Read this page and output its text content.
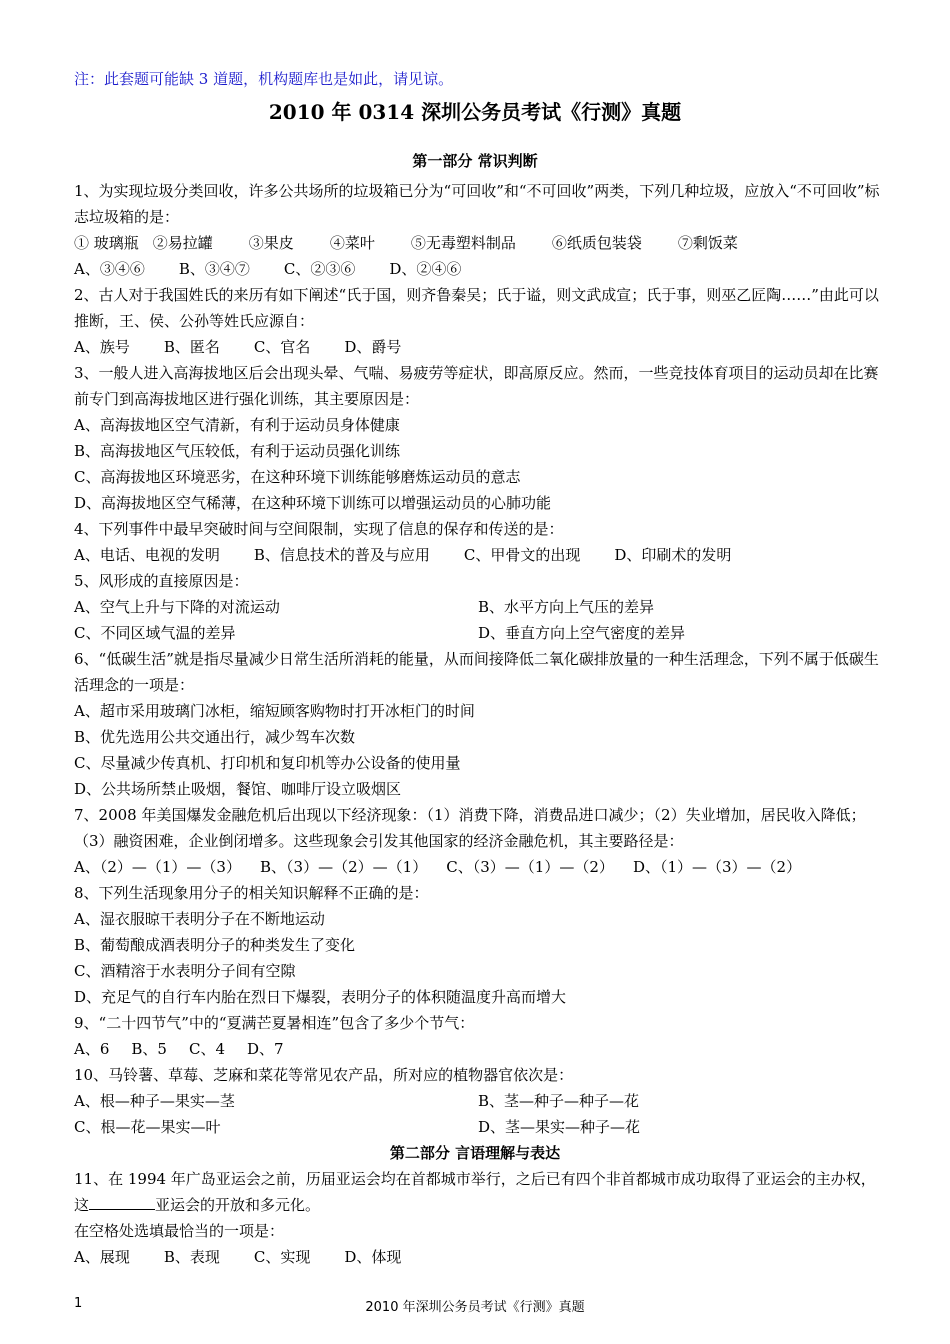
注：此套题可能缺 3 道题，机构题库也是如此，请见谅。
2010 年 0314 深圳公务员考试《行测》真题
第一部分 常识判断

1、为实现垃圾分类回收，许多公共场所的垃圾箱已分为“可回收”和“不可回收”两类，下列几种垃圾，应放入“不可回收”标志垃圾箱的是：

① 玻璃瓶 ②易拉罐 ③果皮 ④菜叶 ⑤无毒塑料制品 ⑥纸质包装袋 ⑦剩饭菜
A、③④⑥ B、③④⑦ C、②③⑥ D、②④⑥

2、古人对于我国姓氏的来历有如下阐述“氏于国，则齐鲁秦吴；氏于谥，则文武成宣；氏于事，则巫乙匠陶……”由此可以推断，王、侯、公孙等姓氏应源自：

A、族号 B、匿名 C、官名 D、爵号

3、一般人进入高海拔地区后会出现头晕、气喘、易疲劳等症状，即高原反应。然而，一些竞技体育项目的运动员却在比赛前专门到高海拔地区进行强化训练，其主要原因是：

A、高海拔地区空气清新，有利于运动员身体健康
B、高海拔地区气压较低，有利于运动员强化训练
C、高海拔地区环境恶劣，在这种环境下训练能够磨炼运动员的意志
D、高海拔地区空气稀薄，在这种环境下训练可以增强运动员的心肺功能

4、下列事件中最早突破时间与空间限制，实现了信息的保存和传送的是：

A、电话、电视的发明 B、信息技术的普及与应用 C、甲骨文的出现 D、印刷术的发明

5、风形成的直接原因是：

A、空气上升与下降的对流运动	B、水平方向上气压的差异
C、不同区域气温的差异	D、垂直方向上空气密度的差异

6、“低碳生活”就是指尽量减少日常生活所消耗的能量，从而间接降低二氧化碳排放量的一种生活理念，下列不属于低碳生活理念的一项是：

A、超市采用玻璃门冰柜，缩短顾客购物时打开冰柜门的时间
B、优先选用公共交通出行，减少驾车次数
C、尽量减少传真机、打印机和复印机等办公设备的使用量
D、公共场所禁止吸烟，餐馆、咖啡厅设立吸烟区

7、2008 年美国爆发金融危机后出现以下经济现象：（1）消费下降，消费品进口减少；（2）失业增加，居民收入降低；（3）融资困难，企业倒闭增多。这些现象会引发其他国家的经济金融危机，其主要路径是：

A、（2）—（1）—（3）    B、（3）—（2）—（1）    C、（3）—（1）—（2）    D、（1）—（3）—（2）

8、下列生活现象用分子的相关知识解释不正确的是：

A、湿衣服晾干表明分子在不断地运动
B、葡萄酿成酒表明分子的种类发生了变化
C、酒精溶于水表明分子间有空隙
D、充足气的自行车内胎在烈日下爆裂，表明分子的体积随温度升高而增大

9、“二十四节气”中的“夏满芒夏暑相连”包含了多少个节气：

A、6 B、5 C、4 D、7

10、马铃薯、草莓、芝麻和菜花等常见农产品，所对应的植物器官依次是：

A、根—种子—果实—茎	B、茎—种子—种子—花
C、根—花—果实—叶	D、茎—果实—种子—花
第二部分 言语理解与表达

11、在 1994 年广岛亚运会之前，历届亚运会均在首都城市举行，之后已有四个非首都城市成功取得了亚运会的主办权，这	亚运会的开放和多元化。

在空格处选填最恰当的一项是：
A、展现 B、表现 C、实现 D、体现
1	2010 年深圳公务员考试《行测》真题
